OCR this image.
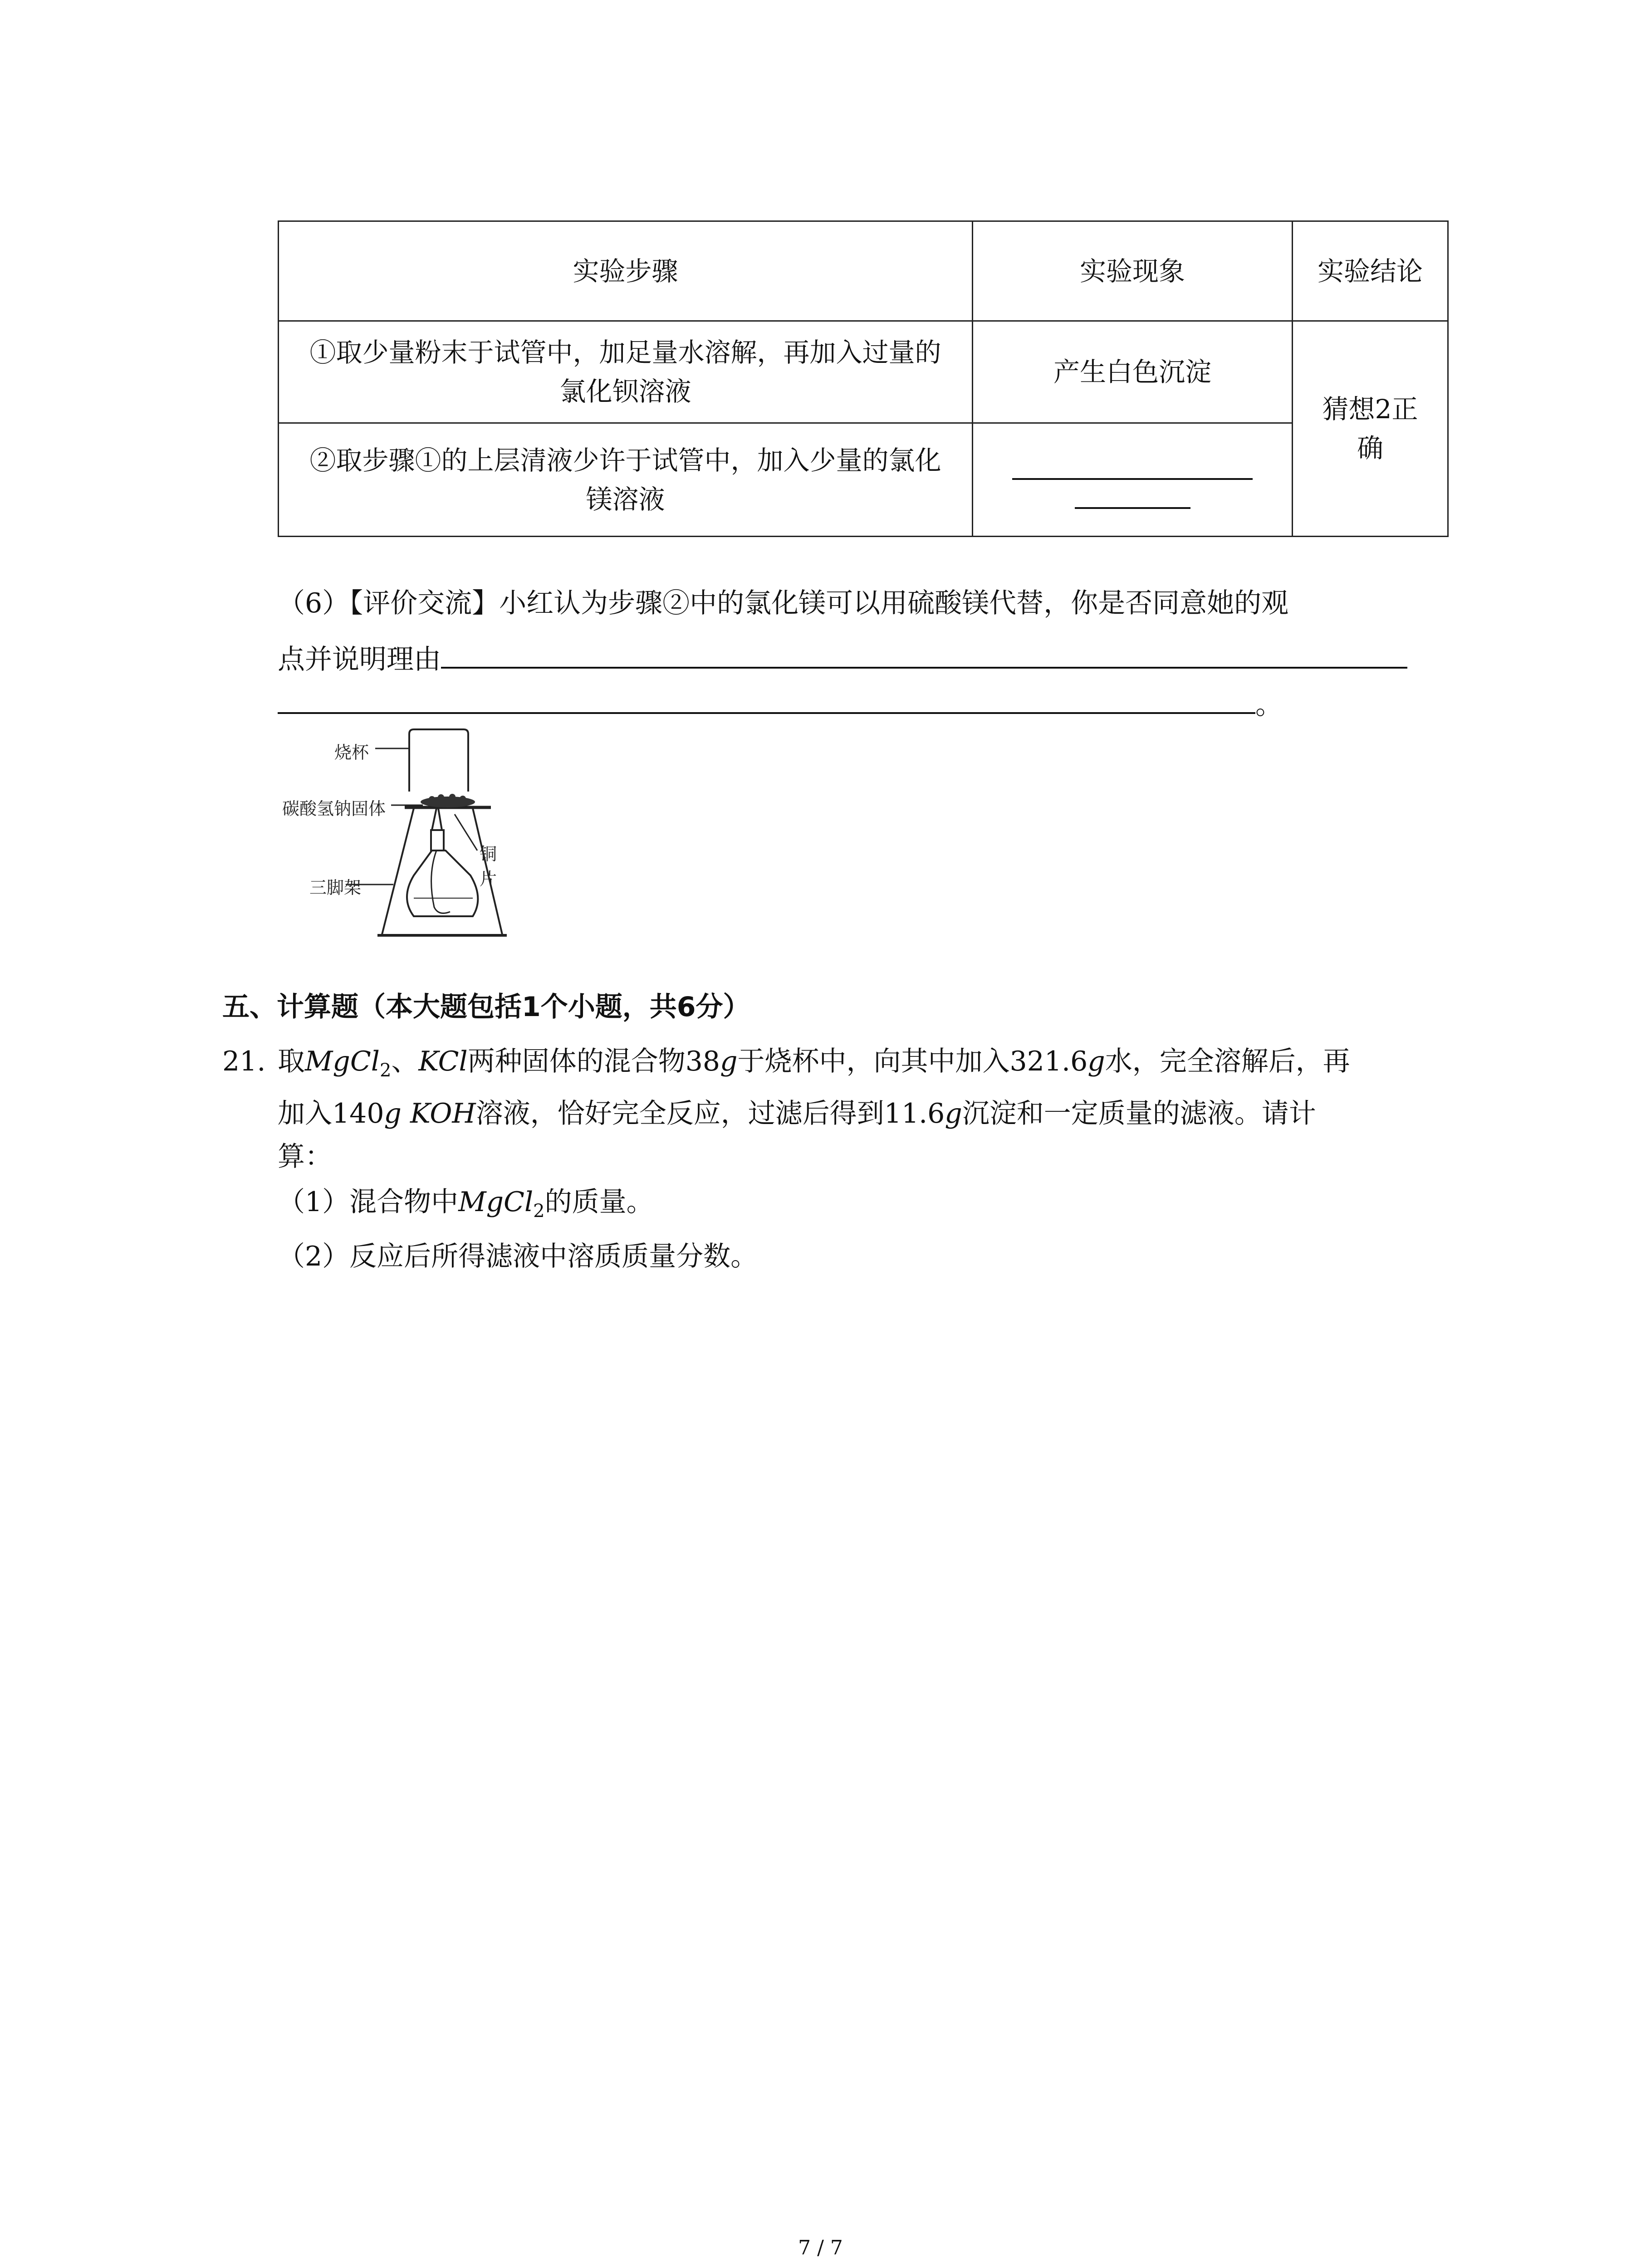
实验步骤	实验现象	实验结论
①取少量粉末于试管中，加足量水溶解，再加入过量的氯化钡溶液	产生白色沉淀	猜想2正确
②取步骤①的上层清液少许于试管中，加入少量的氯化镁溶液		
（6）【评价交流】小红认为步骤②中的氯化镁可以用硫酸镁代替，你是否同意她的观
点并说明理由
。
烧杯
碳酸氢钠固体
铜片
三脚架
五、计算题（本大题包括1个小题，共6分）
21. 取MgCl$_2$、KCl两种固体的混合物38g于烧杯中，向其中加入321.6g水，完全溶解后，再
加入140g KOH溶液，恰好完全反应，过滤后得到11.6g沉淀和一定质量的滤液。请计
算：
（1）混合物中MgCl$_2$的质量。
（2）反应后所得滤液中溶质质量分数。
7 / 7
